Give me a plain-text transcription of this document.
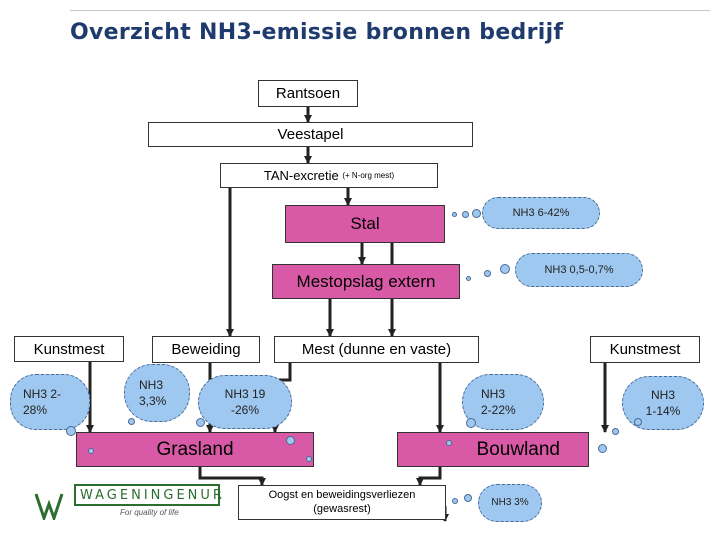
Overzicht NH3-emissie bronnen bedrijf
Rantsoen
Veestapel
TAN-excretie
(+ N-org mest)
Stal
Mestopslag extern
Kunstmest	Beweiding	Mest (dunne en vaste)	Kunstmest
Grasland	Bouwland
Oogst en beweidingsverliezen
(gewasrest)
NH3 6-42%
NH3 0,5-0,7%
NH3 2-
28%
NH3
3,3%
NH3 19
-26%
NH3
2-22%
NH3
1-14%
NH3 3%
WAGENINGENUR
For quality of life
